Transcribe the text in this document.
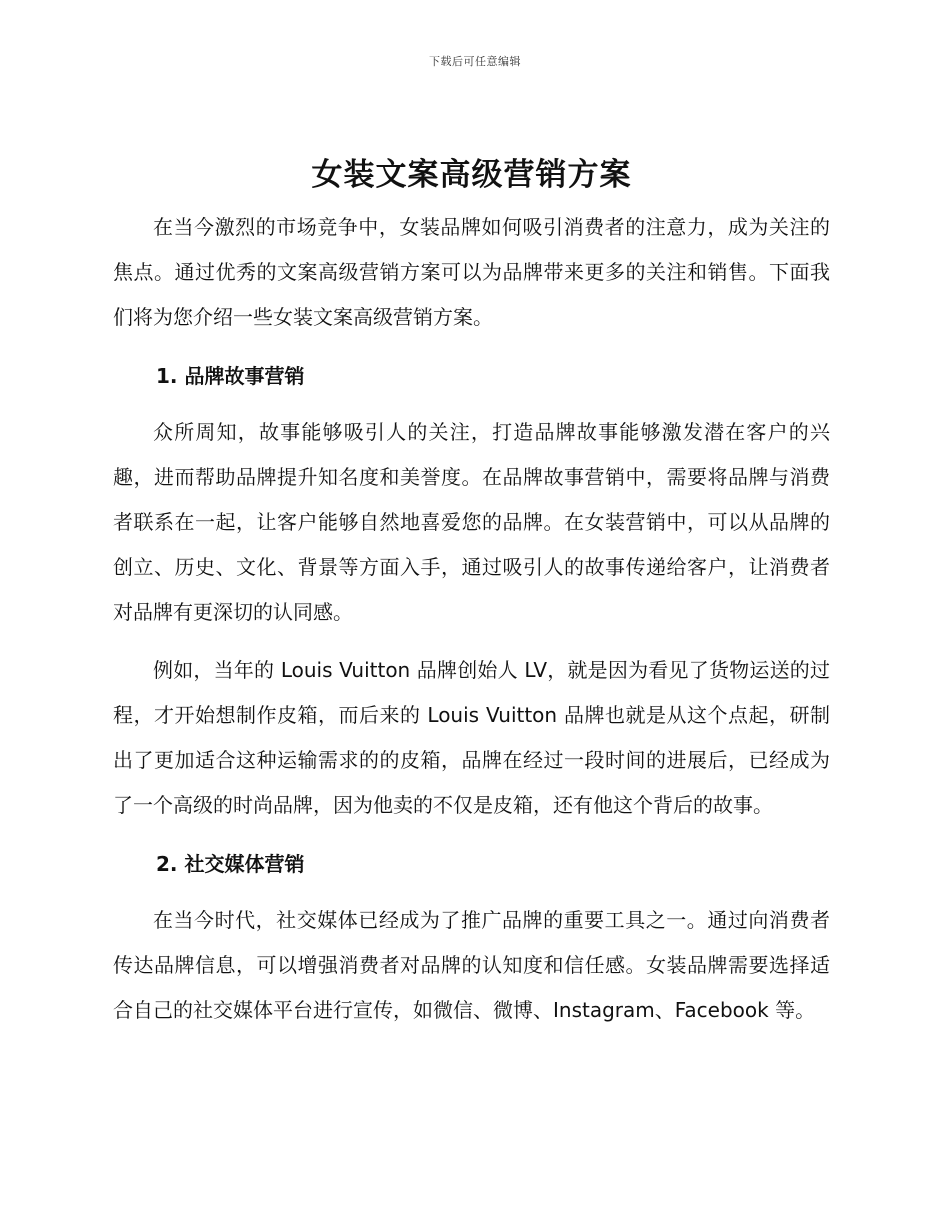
下载后可任意编辑
女装文案高级营销方案

在当今激烈的市场竞争中，女装品牌如何吸引消费者的注意力，成为关注的焦点。通过优秀的文案高级营销方案可以为品牌带来更多的关注和销售。下面我们将为您介绍一些女装文案高级营销方案。

1. 品牌故事营销

众所周知，故事能够吸引人的关注，打造品牌故事能够激发潜在客户的兴趣，进而帮助品牌提升知名度和美誉度。在品牌故事营销中，需要将品牌与消费者联系在一起，让客户能够自然地喜爱您的品牌。在女装营销中，可以从品牌的创立、历史、文化、背景等方面入手，通过吸引人的故事传递给客户，让消费者对品牌有更深切的认同感。

例如，当年的 Louis Vuitton 品牌创始人 LV，就是因为看见了货物运送的过程，才开始想制作皮箱，而后来的 Louis Vuitton 品牌也就是从这个点起，研制出了更加适合这种运输需求的的皮箱，品牌在经过一段时间的进展后，已经成为了一个高级的时尚品牌，因为他卖的不仅是皮箱，还有他这个背后的故事。

2. 社交媒体营销

在当今时代，社交媒体已经成为了推广品牌的重要工具之一。通过向消费者传达品牌信息，可以增强消费者对品牌的认知度和信任感。女装品牌需要选择适合自己的社交媒体平台进行宣传，如微信、微博、Instagram、Facebook 等。
